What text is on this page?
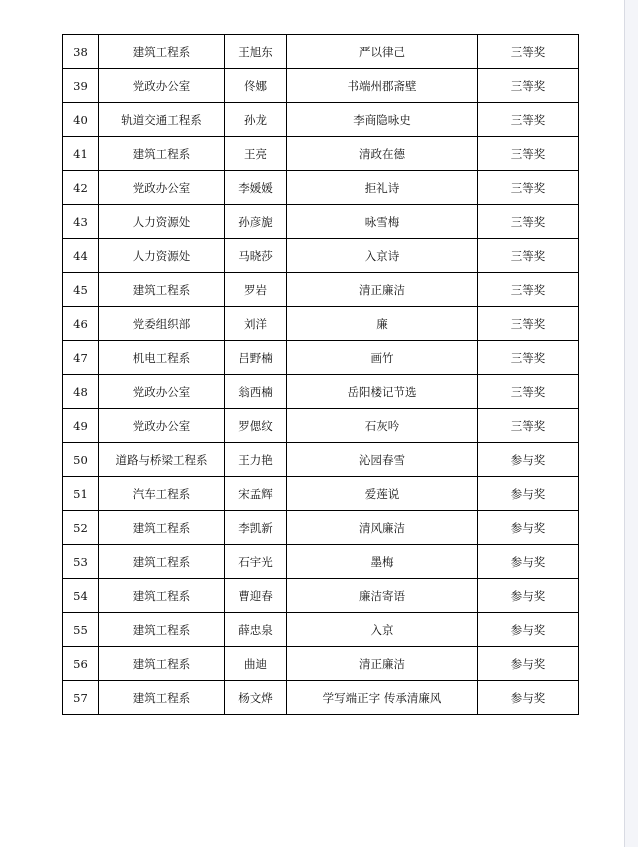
38	建筑工程系	王旭东	严以律己	三等奖
39	党政办公室	佟娜	书端州郡斋壁	三等奖
40	轨道交通工程系	孙龙	李商隐咏史	三等奖
41	建筑工程系	王亮	清政在德	三等奖
42	党政办公室	李媛媛	拒礼诗	三等奖
43	人力资源处	孙彦旎	咏雪梅	三等奖
44	人力资源处	马晓莎	入京诗	三等奖
45	建筑工程系	罗岩	清正廉洁	三等奖
46	党委组织部	刘洋	廉	三等奖
47	机电工程系	吕野楠	画竹	三等奖
48	党政办公室	翁西楠	岳阳楼记节选	三等奖
49	党政办公室	罗偲纹	石灰吟	三等奖
50	道路与桥梁工程系	王力艳	沁园春雪	参与奖
51	汽车工程系	宋孟辉	爱莲说	参与奖
52	建筑工程系	李凯新	清风廉洁	参与奖
53	建筑工程系	石宇光	墨梅	参与奖
54	建筑工程系	曹迎春	廉洁寄语	参与奖
55	建筑工程系	薛忠泉	入京	参与奖
56	建筑工程系	曲迪	清正廉洁	参与奖
57	建筑工程系	杨文烨	学写端正字 传承清廉风	参与奖
